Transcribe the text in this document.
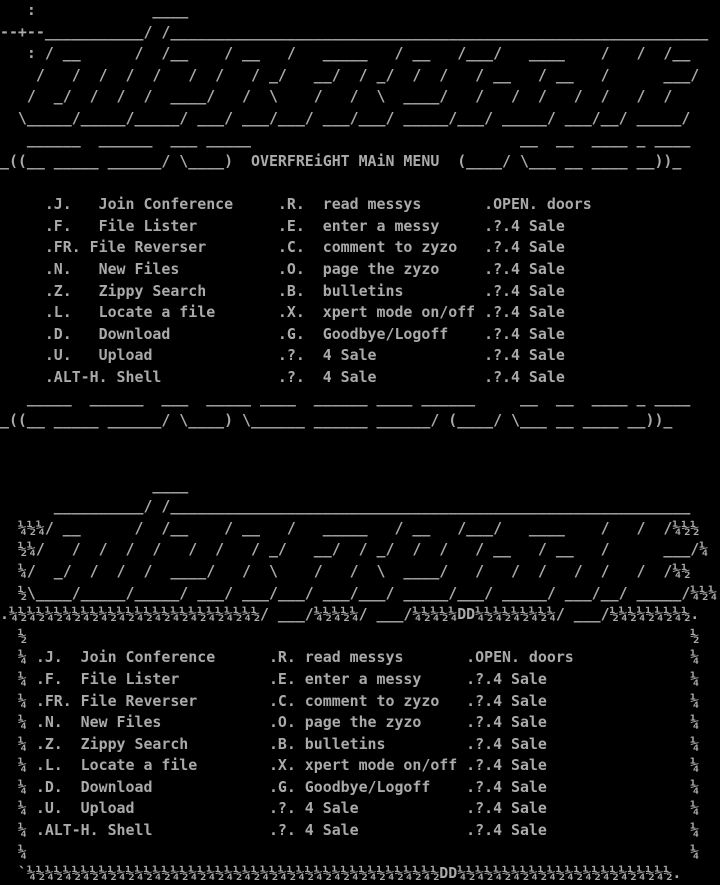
:             ____
--+--___________/ /____________________________________________________________
: / __      /  /__    / __   /   _____   / __   /___/   ____    /   /  /__
/   /  /  /  /   /  /   / _/   __/  / _/  /  /   / __   / __   /      ___/
/  _/  /  /  /  ____/   /  \    /   /  \  ____/   /   /  /   /  /   /  /
\_____/_____/_____/ ___/ ___/___/ ___/___/ _____/___/ _____/ ___/__/ _____/
______  ______  ___ _____                              __  __  ____ _ ____
_((__ _____ ______/ \____)  OVERFREiGHT MAiN MENU  (____/ \___ __ ____ __))_

.J.   Join Conference     .R.  read messys       .OPEN. doors
.F.   File Lister         .E.  enter a messy     .?.4 Sale
.FR. File Reverser        .C.  comment to zyzo   .?.4 Sale
.N.   New Files           .O.  page the zyzo     .?.4 Sale
.Z.   Zippy Search        .B.  bulletins         .?.4 Sale
.L.   Locate a file       .X.  xpert mode on/off .?.4 Sale
.D.   Download            .G.  Goodbye/Logoff    .?.4 Sale
.U.   Upload              .?.  4 Sale            .?.4 Sale
.ALT-H. Shell             .?.  4 Sale            .?.4 Sale
_____  ______  ___  _____ ____  ______ ____ ______     __  __  ____ _ ____
_((__ _____ ______/ \____) \______ ______ ______/ (____/ \___ __ ____ __))_

____
__________/ /__________________________________________________________
¼½¼/ __      /  /__    / __   /   _____   / __   /___/   ____    /   /  /¼½½
½¼/   /  /  /  /   /  /   / _/   __/  / _/  /  /   / __   / __   /      ___/¼
¼/  _/  /  /  /  ____/   /  \    /   /  \  ____/   /   /  /   /  /   /  /¼½
½\____/_____/_____/ ___/ ___/___/ ___/___/ _____/___/ _____/ ___/__/ _____/¼½¼
.¼½¼½¼½¼½¼½¼½¼½¼½¼½¼½¼½¼½¼½¼½/ ___/¼½¼½¼/ ___/¼½¼½¼DD¼½¼½¼½¼½¼/ ___/½¼½¼½¼½¼½.
½                                                                          ½
¼ .J.  Join Conference      .R. read messys       .OPEN. doors             ¼
¼ .F.  File Lister          .E. enter a messy     .?.4 Sale                ¼
¼ .FR. File Reverser        .C. comment to zyzo   .?.4 Sale                ¼
¼ .N.  New Files            .O. page the zyzo     .?.4 Sale                ¼
¼ .Z.  Zippy Search         .B. bulletins         .?.4 Sale                ¼
¼ .L.  Locate a file        .X. xpert mode on/off .?.4 Sale                ¼
¼ .D.  Download             .G. Goodbye/Logoff    .?.4 Sale                ¼
¼ .U.  Upload               .?. 4 Sale            .?.4 Sale                ¼
¼ .ALT-H. Shell             .?. 4 Sale            .?.4 Sale                ¼
¼                                                                          ¼
`¼½¼½¼½¼½¼½¼½¼½¼½¼½¼½¼½¼½¼½¼½¼½¼½¼½¼½¼½¼½¼½¼½¼½DD¼½¼½¼½¼½¼½¼½¼½¼½¼½¼½¼½¼½.
